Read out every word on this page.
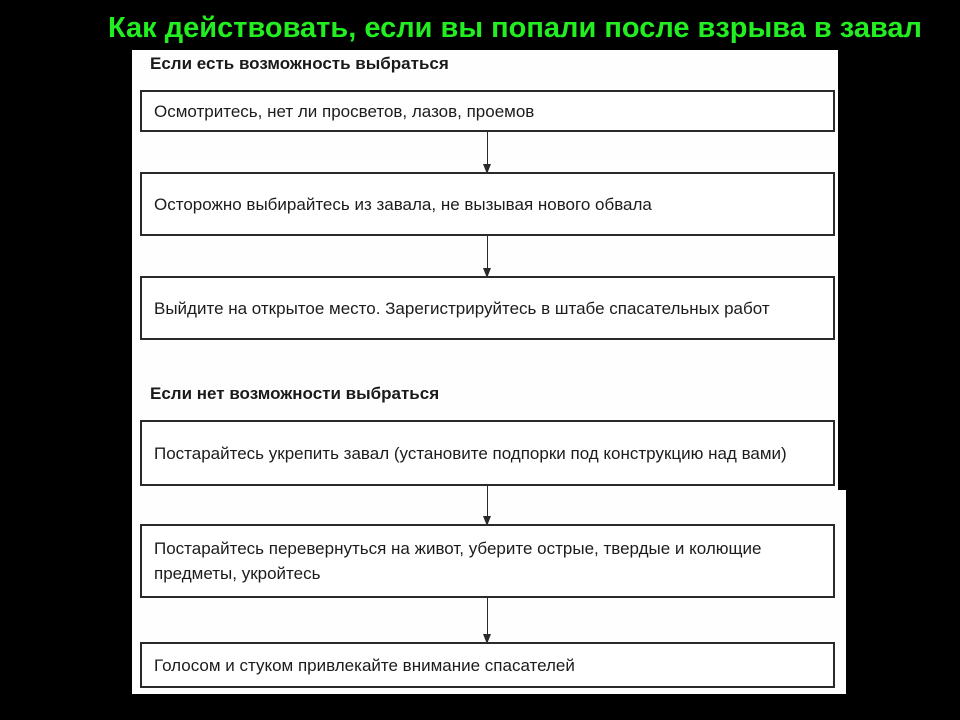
Как действовать, если вы попали после взрыва в завал

Если есть возможность выбраться

Осмотритесь, нет ли просветов, лазов, проемов
Осторожно выбирайтесь из завала, не вызывая нового обвала
Выйдите на открытое место. Зарегистрируйтесь в штабе спасательных работ

Если нет возможности выбраться

Постарайтесь укрепить завал (установите подпорки под конструкцию над вами)
Постарайтесь перевернуться на живот, уберите острые, твердые и колющие предметы, укройтесь
Голосом и стуком привлекайте внимание спасателей
